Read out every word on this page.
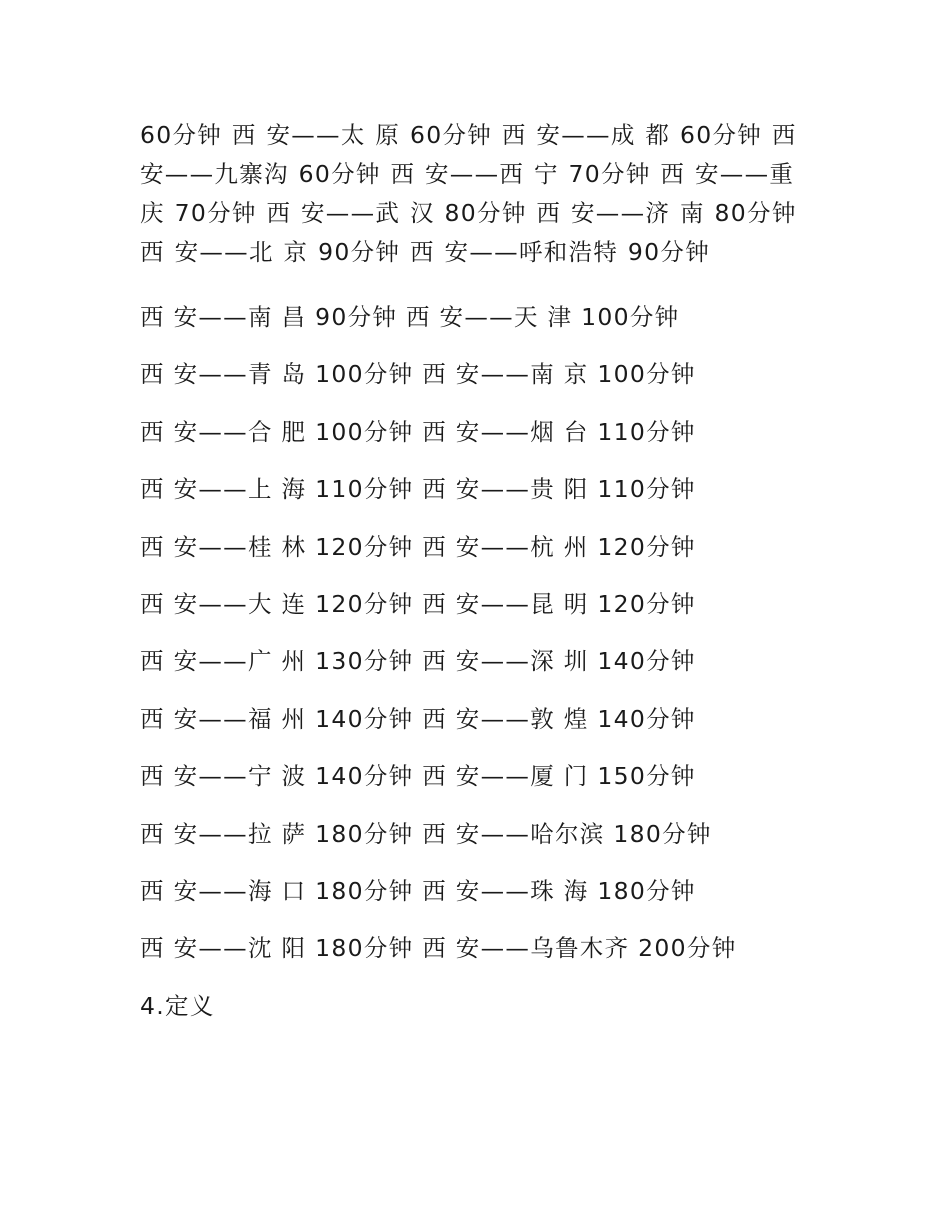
60分钟 西 安——太 原 60分钟 西 安——成 都 60分钟 西 安——九寨沟 60分钟 西 安——西 宁 70分钟 西 安——重 庆 70分钟 西 安——武 汉 80分钟 西 安——济 南 80分钟 西 安——北 京 90分钟 西 安——呼和浩特 90分钟

西 安——南 昌 90分钟 西 安——天 津 100分钟

西 安——青 岛 100分钟 西 安——南 京 100分钟

西 安——合 肥 100分钟 西 安——烟 台 110分钟

西 安——上 海 110分钟 西 安——贵 阳 110分钟

西 安——桂 林 120分钟 西 安——杭 州 120分钟

西 安——大 连 120分钟 西 安——昆 明 120分钟

西 安——广 州 130分钟 西 安——深 圳 140分钟

西 安——福 州 140分钟 西 安——敦 煌 140分钟

西 安——宁 波 140分钟 西 安——厦 门 150分钟

西 安——拉 萨 180分钟 西 安——哈尔滨 180分钟

西 安——海 口 180分钟 西 安——珠 海 180分钟

西 安——沈 阳 180分钟 西 安——乌鲁木齐 200分钟

4.定义
